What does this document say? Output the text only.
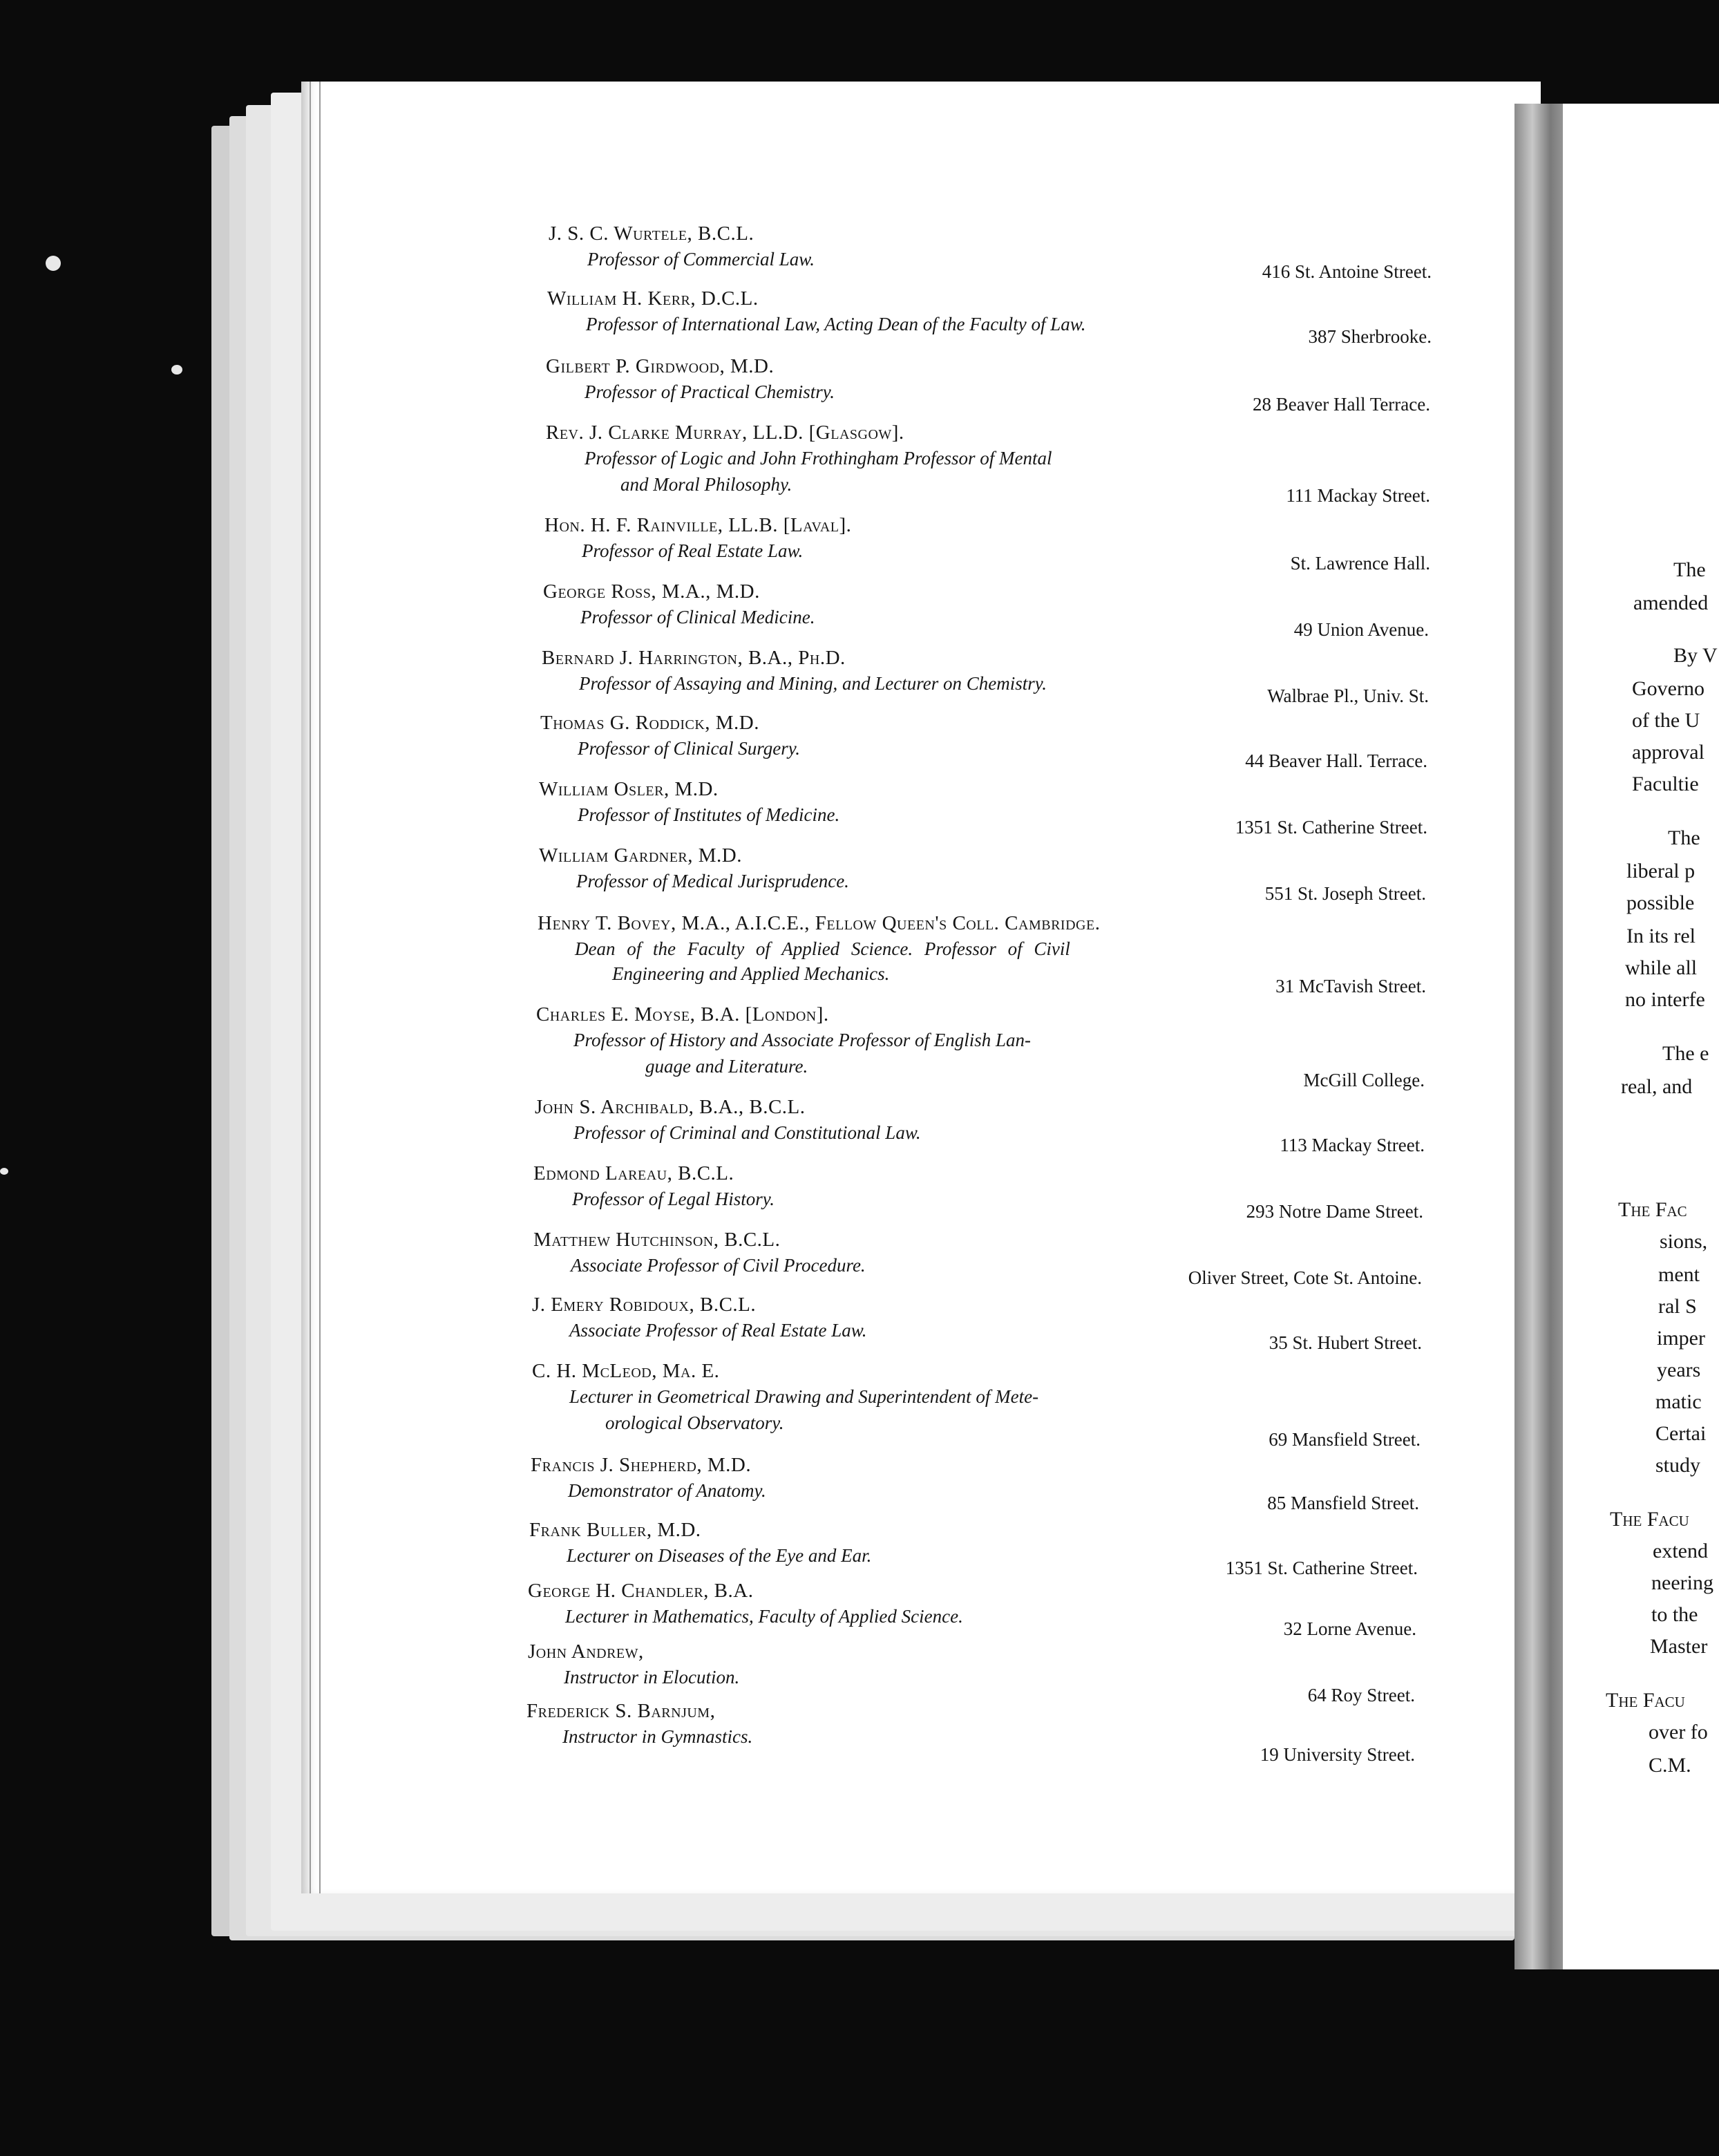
J. S. C. Wurtele, B.C.L.
Professor of Commercial Law.
416 St. Antoine Street.
William H. Kerr, D.C.L.
Professor of International Law, Acting Dean of the Faculty of Law.
387 Sherbrooke.
Gilbert P. Girdwood, M.D.
Professor of Practical Chemistry.
28 Beaver Hall Terrace.
Rev. J. Clarke Murray, LL.D. [Glasgow].
Professor of Logic and John Frothingham Professor of Mental
and Moral Philosophy.
111 Mackay Street.
Hon. H. F. Rainville, LL.B. [Laval].
Professor of Real Estate Law.
St. Lawrence Hall.
George Ross, M.A., M.D.
Professor of Clinical Medicine.
49 Union Avenue.
Bernard J. Harrington, B.A., Ph.D.
Professor of Assaying and Mining, and Lecturer on Chemistry.
Walbrae Pl., Univ. St.
Thomas G. Roddick, M.D.
Professor of Clinical Surgery.
44 Beaver Hall. Terrace.
William Osler, M.D.
Professor of Institutes of Medicine.
1351 St. Catherine Street.
William Gardner, M.D.
Professor of Medical Jurisprudence.
551 St. Joseph Street.
Henry T. Bovey, M.A., A.I.C.E., Fellow Queen's Coll. Cambridge.
Dean of the Faculty of Applied Science. Professor of Civil
Engineering and Applied Mechanics.
31 McTavish Street.
Charles E. Moyse, B.A. [London].
Professor of History and Associate Professor of English Lan-
guage and Literature.
McGill College.
John S. Archibald, B.A., B.C.L.
Professor of Criminal and Constitutional Law.
113 Mackay Street.
Edmond Lareau, B.C.L.
Professor of Legal History.
293 Notre Dame Street.
Matthew Hutchinson, B.C.L.
Associate Professor of Civil Procedure.
Oliver Street, Cote St. Antoine.
J. Emery Robidoux, B.C.L.
Associate Professor of Real Estate Law.
35 St. Hubert Street.
C. H. McLeod, Ma. E.
Lecturer in Geometrical Drawing and Superintendent of Mete-
orological Observatory.
69 Mansfield Street.
Francis J. Shepherd, M.D.
Demonstrator of Anatomy.
85 Mansfield Street.
Frank Buller, M.D.
Lecturer on Diseases of the Eye and Ear.
1351 St. Catherine Street.
George H. Chandler, B.A.
Lecturer in Mathematics, Faculty of Applied Science.
32 Lorne Avenue.
John Andrew,
Instructor in Elocution.
64 Roy Street.
Frederick S. Barnjum,
Instructor in Gymnastics.
19 University Street.
The
amended
By V
Governo
of the U
approval
Facultie
The
liberal p
possible
In its rel
while all
no interfe
The e
real, and
The Fac
sions,
ment
ral S
imper
years
matic
Certai
study
The Facu
extend
neering
to the
Master
The Facu
over fo
C.M.
